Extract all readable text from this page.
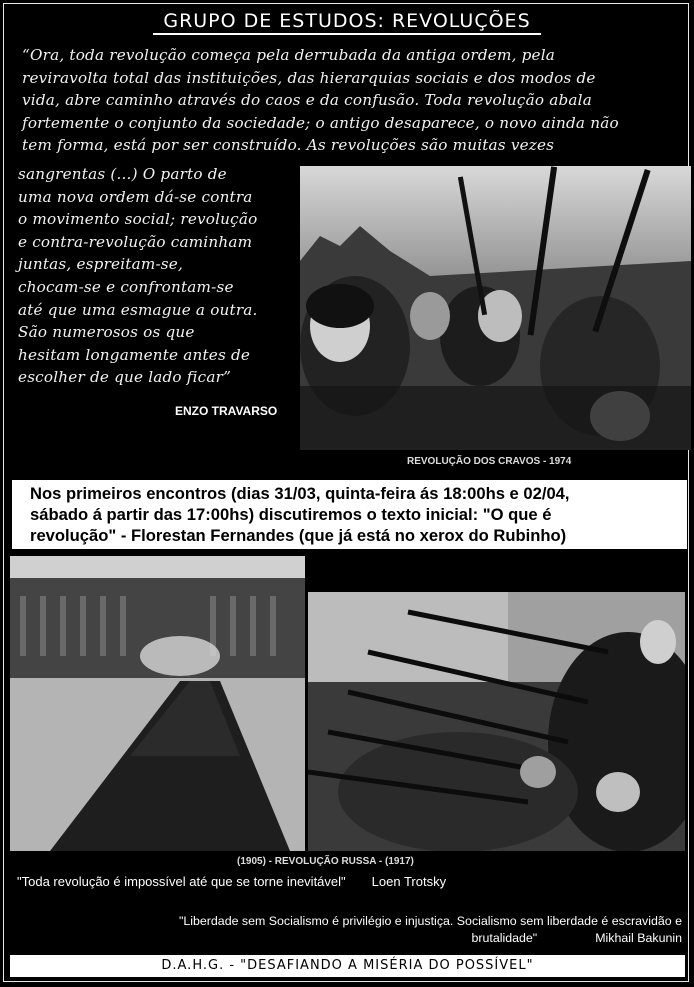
GRUPO DE ESTUDOS: REVOLUÇÕES
“Ora, toda revolução começa pela derrubada da antiga ordem, pela
reviravolta total das instituições, das hierarquias sociais e dos modos de
vida, abre caminho através do caos e da confusão. Toda revolução abala
fortemente o conjunto da sociedade; o antigo desaparece, o novo ainda não
tem forma, está por ser construído. As revoluções são muitas vezes
sangrentas (...) O parto de
uma nova ordem dá-se contra
o movimento social; revolução
e contra-revolução caminham
juntas, espreitam-se,
chocam-se e confrontam-se
até que uma esmague a outra.
São numerosos os que
hesitam longamente antes de
escolher de que lado ficar”
ENZO TRAVARSO
REVOLUÇÃO DOS CRAVOS - 1974
Nos primeiros encontros (dias 31/03, quinta-feira ás 18:00hs e 02/04,
sábado á partir das 17:00hs) discutiremos o texto inicial: "O que é
revolução" - Florestan Fernandes (que já está no xerox do Rubinho)
(1905) - REVOLUÇÃO RUSSA - (1917)
"Toda revolução é impossível até que se torne inevitável" Loen Trotsky
"Liberdade sem Socialismo é privilégio e injustiça. Socialismo sem liberdade é escravidão e
brutalidade"	Mikhail Bakunin
D.A.H.G. - "DESAFIANDO A MISÉRIA DO POSSÍVEL"
